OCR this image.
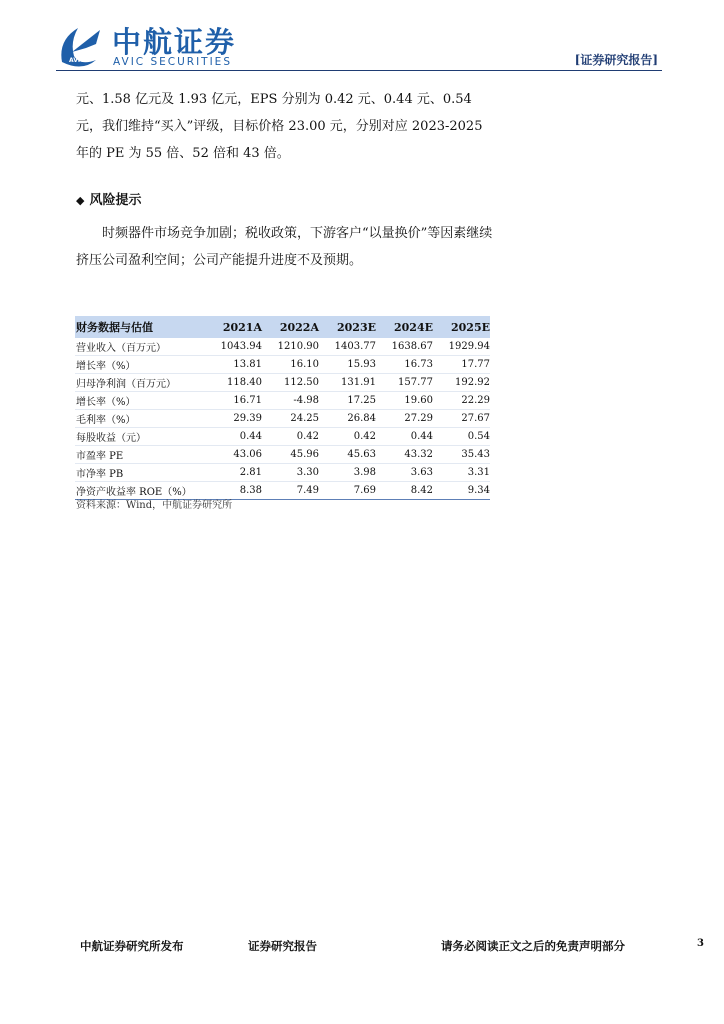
AVIC
中航证券
AVIC SECURITIES	[证券研究报告]
元、1.58 亿元及 1.93 亿元，EPS 分别为 0.42 元、0.44 元、0.54 元，我们维持“买入”评级，目标价格 23.00 元，分别对应 2023-2025 年的 PE 为 55 倍、52 倍和 43 倍。
◆ 风险提示
时频器件市场竞争加剧；税收政策，下游客户“以量换价”等因素继续挤压公司盈利空间；公司产能提升进度不及预期。
财务数据与估值	2021A	2022A	2023E	2024E	2025E
营业收入（百万元）	1043.94	1210.90	1403.77	1638.67	1929.94
增长率（%）	13.81	16.10	15.93	16.73	17.77
归母净利润（百万元）	118.40	112.50	131.91	157.77	192.92
增长率（%）	16.71	-4.98	17.25	19.60	22.29
毛利率（%）	29.39	24.25	26.84	27.29	27.67
每股收益（元）	0.44	0.42	0.42	0.44	0.54
市盈率 PE	43.06	45.96	45.63	43.32	35.43
市净率 PB	2.81	3.30	3.98	3.63	3.31
净资产收益率 ROE（%）	8.38	7.49	7.69	8.42	9.34
资料来源：Wind，中航证券研究所
中航证券研究所发布	证券研究报告	请务必阅读正文之后的免责声明部分	3
